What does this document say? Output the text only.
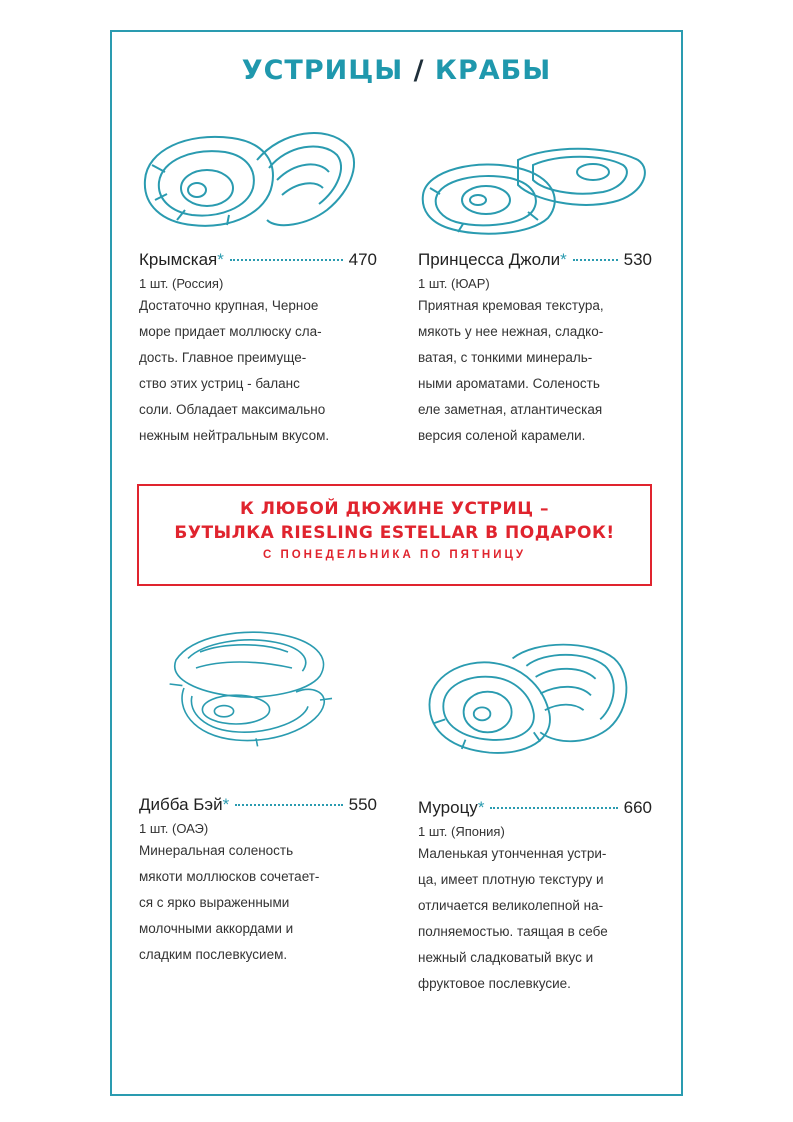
УСТРИЦЫ / КРАБЫ
Крымская *	470
1 шт. (Россия)
Достаточно крупная, Черное
море придает моллюску сла-
дость. Главное преимуще-
ство этих устриц - баланс
соли. Обладает максимально
нежным нейтральным вкусом.
Принцесса Джоли *	530
1 шт. (ЮАР)
Приятная кремовая текстура,
мякоть у нее нежная, сладко-
ватая, с тонкими минераль-
ными ароматами. Соленость
еле заметная, атлантическая
версия соленой карамели.
К ЛЮБОЙ ДЮЖИНЕ УСТРИЦ –
БУТЫЛКА RIESLING ESTELLAR В ПОДАРОК!
С ПОНЕДЕЛЬНИКА ПО ПЯТНИЦУ
Дибба Бэй *	550
1 шт. (ОАЭ)
Минеральная соленость
мякоти моллюсков сочетает-
ся с ярко выраженными
молочными аккордами и
сладким послевкусием.
Муроцу *	660
1 шт. (Япония)
Маленькая утонченная устри-
ца, имеет плотную текстуру и
отличается великолепной на-
полняемостью. таящая в себе
нежный сладковатый вкус и
фруктовое послевкусие.
